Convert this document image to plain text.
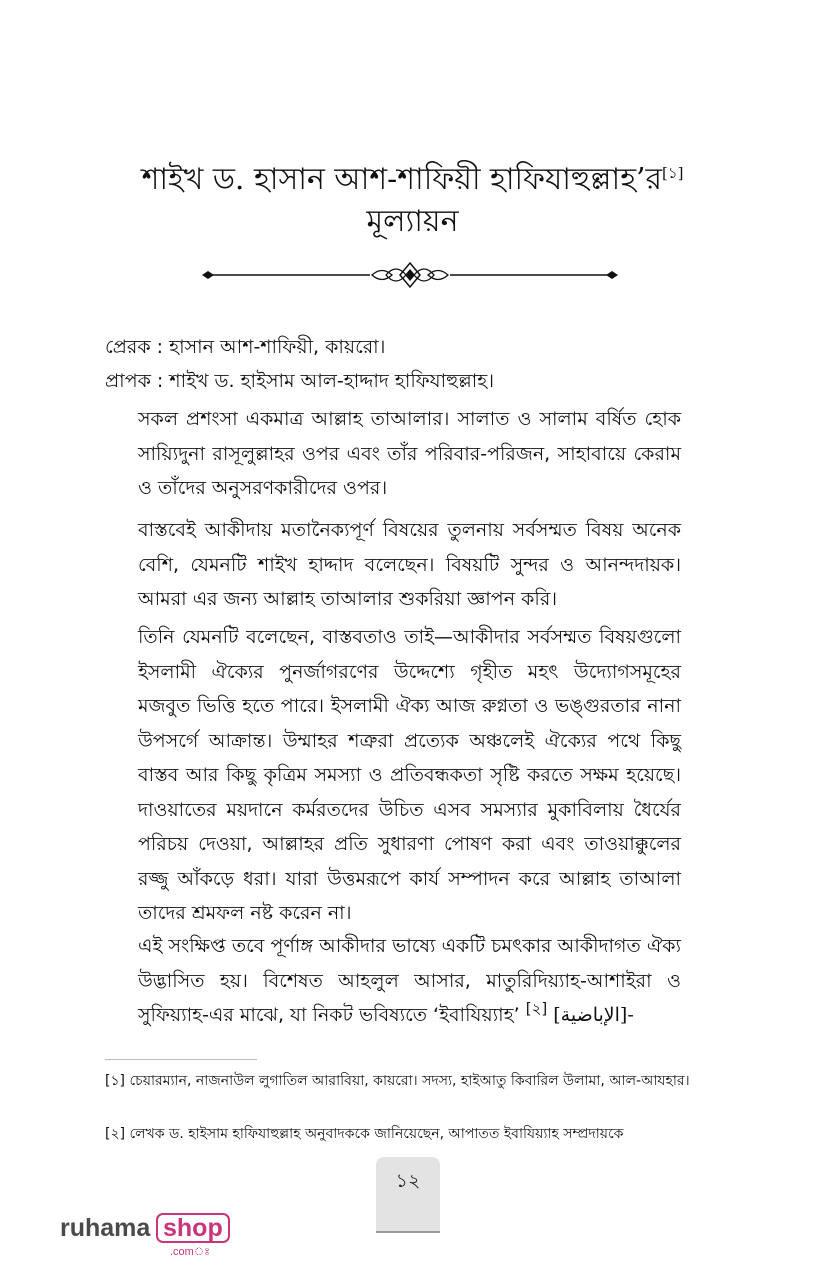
শাইখ ড. হাসান আশ-শাফিয়ী হাফিযাহুল্লাহ’র[১]
মূল্যায়ন
প্রেরক : হাসান আশ-শাফিয়ী, কায়রো।
প্রাপক : শাইখ ড. হাইসাম আল-হাদ্দাদ হাফিযাহুল্লাহ।

সকল প্রশংসা একমাত্র আল্লাহ তাআলার। সালাত ও সালাম বর্ষিত হোক সায়্যিদুনা রাসূলুল্লাহর ওপর এবং তাঁর পরিবার-পরিজন, সাহাবায়ে কেরাম ও তাঁদের অনুসরণকারীদের ওপর।

বাস্তবেই আকীদায় মতানৈক্যপূর্ণ বিষয়ের তুলনায় সর্বসম্মত বিষয় অনেক বেশি, যেমনটি শাইখ হাদ্দাদ বলেছেন। বিষয়টি সুন্দর ও আনন্দদায়ক। আমরা এর জন্য আল্লাহ তাআলার শুকরিয়া জ্ঞাপন করি।

তিনি যেমনটি বলেছেন, বাস্তবতাও তাই—আকীদার সর্বসম্মত বিষয়গুলো ইসলামী ঐক্যের পুনর্জাগরণের উদ্দেশ্যে গৃহীত মহৎ উদ্যোগসমূহের মজবুত ভিত্তি হতে পারে। ইসলামী ঐক্য আজ রুগ্নতা ও ভঙ্গুরতার নানা উপসর্গে আক্রান্ত। উম্মাহর শত্রুরা প্রত্যেক অঞ্চলেই ঐক্যের পথে কিছু বাস্তব আর কিছু কৃত্রিম সমস্যা ও প্রতিবন্ধকতা সৃষ্টি করতে সক্ষম হয়েছে। দাওয়াতের ময়দানে কর্মরতদের উচিত এসব সমস্যার মুকাবিলায় ধৈর্যের পরিচয় দেওয়া, আল্লাহর প্রতি সুধারণা পোষণ করা এবং তাওয়াক্কুলের রজ্জু আঁকড়ে ধরা। যারা উত্তমরূপে কার্য সম্পাদন করে আল্লাহ তাআলা তাদের শ্রমফল নষ্ট করেন না।

এই সংক্ষিপ্ত তবে পূর্ণাঙ্গ আকীদার ভাষ্যে একটি চমৎকার আকীদাগত ঐক্য উদ্ভাসিত হয়। বিশেষত আহলুল আসার, মাতুরিদিয়্যাহ-আশাইরা ও সুফিয়্যাহ-এর মাঝে, যা নিকট ভবিষ্যতে ‘ইবাযিয়্যাহ’ [২] [الإباضية]-

[১] চেয়ারম্যান, নাজনাউল লুগাতিল আরাবিয়া, কায়রো। সদস্য, হাইআতু কিবারিল উলামা, আল-আযহার।

[২] লেখক ড. হাইসাম হাফিযাহুল্লাহ অনুবাদককে জানিয়েছেন, আপাতত ইবাযিয়্যাহ সম্প্রদায়কে

১২
ruhama shop
.comঃ
